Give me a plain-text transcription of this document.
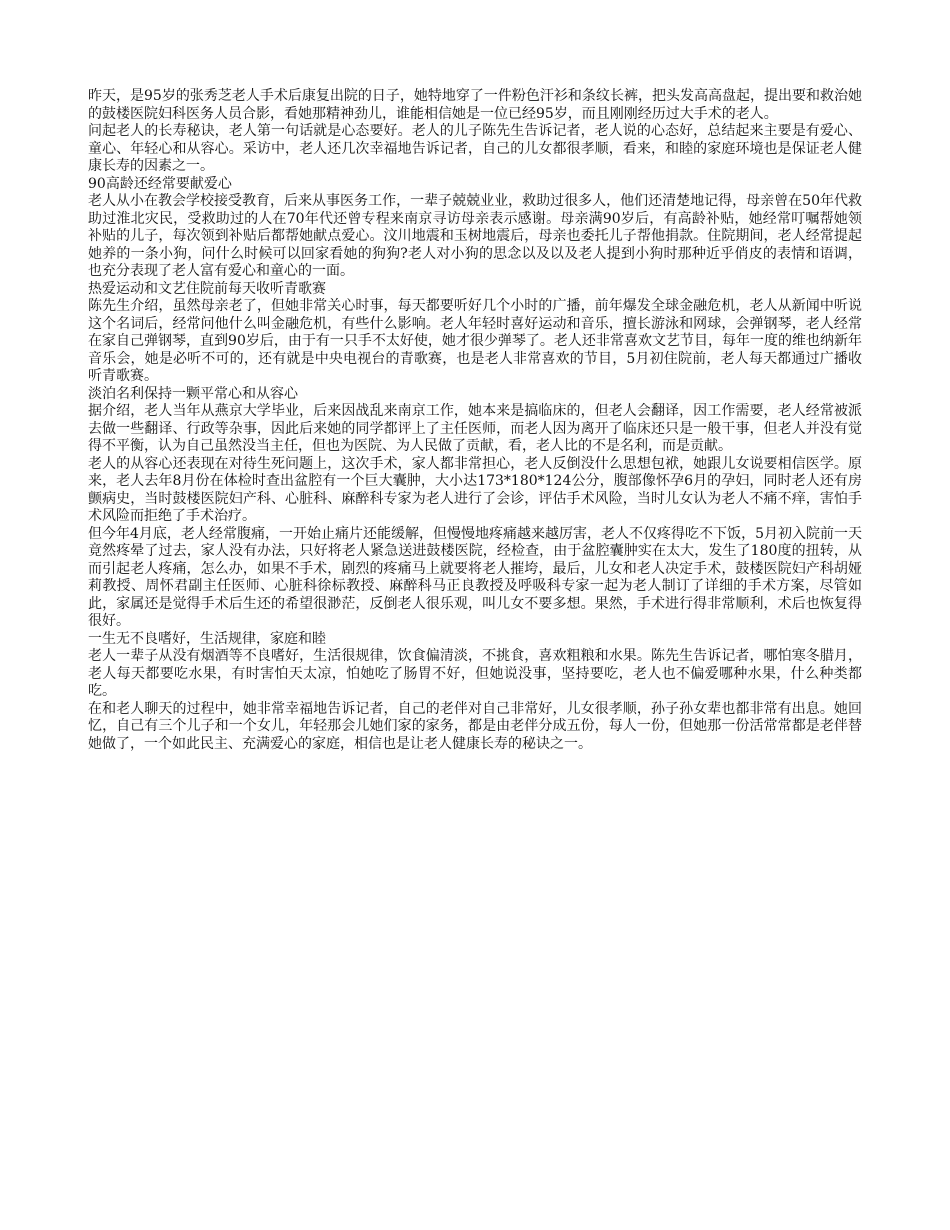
昨天，是95岁的张秀芝老人手术后康复出院的日子，她特地穿了一件粉色汗衫和条纹长裤，把头发高高盘起，提出要和救治她的鼓楼医院妇科医务人员合影，看她那精神劲儿，谁能相信她是一位已经95岁，而且刚刚经历过大手术的老人。

问起老人的长寿秘诀，老人第一句话就是心态要好。老人的儿子陈先生告诉记者，老人说的心态好，总结起来主要是有爱心、童心、年轻心和从容心。采访中，老人还几次幸福地告诉记者，自己的儿女都很孝顺，看来，和睦的家庭环境也是保证老人健康长寿的因素之一。

90高龄还经常要献爱心

老人从小在教会学校接受教育，后来从事医务工作，一辈子兢兢业业，救助过很多人，他们还清楚地记得，母亲曾在50年代救助过淮北灾民，受救助过的人在70年代还曾专程来南京寻访母亲表示感谢。母亲满90岁后，有高龄补贴，她经常叮嘱帮她领补贴的儿子，每次领到补贴后都帮她献点爱心。汶川地震和玉树地震后，母亲也委托儿子帮他捐款。住院期间，老人经常提起她养的一条小狗，问什么时候可以回家看她的狗狗?老人对小狗的思念以及以及老人提到小狗时那种近乎俏皮的表情和语调，也充分表现了老人富有爱心和童心的一面。

热爱运动和文艺住院前每天收听青歌赛

陈先生介绍，虽然母亲老了，但她非常关心时事，每天都要听好几个小时的广播，前年爆发全球金融危机，老人从新闻中听说这个名词后，经常问他什么叫金融危机，有些什么影响。老人年轻时喜好运动和音乐，擅长游泳和网球，会弹钢琴，老人经常在家自己弹钢琴，直到90岁后，由于有一只手不太好使，她才很少弹琴了。老人还非常喜欢文艺节目，每年一度的维也纳新年音乐会，她是必听不可的，还有就是中央电视台的青歌赛，也是老人非常喜欢的节目，5月初住院前，老人每天都通过广播收听青歌赛。

淡泊名利保持一颗平常心和从容心

据介绍，老人当年从燕京大学毕业，后来因战乱来南京工作，她本来是搞临床的，但老人会翻译，因工作需要，老人经常被派去做一些翻译、行政等杂事，因此后来她的同学都评上了主任医师，而老人因为离开了临床还只是一般干事，但老人并没有觉得不平衡，认为自己虽然没当主任，但也为医院、为人民做了贡献，看，老人比的不是名利，而是贡献。

老人的从容心还表现在对待生死问题上，这次手术，家人都非常担心，老人反倒没什么思想包袱，她跟儿女说要相信医学。原来，老人去年8月份在体检时查出盆腔有一个巨大囊肿，大小达173*180*124公分，腹部像怀孕6月的孕妇，同时老人还有房颤病史，当时鼓楼医院妇产科、心脏科、麻醉科专家为老人进行了会诊，评估手术风险，当时儿女认为老人不痛不痒，害怕手术风险而拒绝了手术治疗。

但今年4月底，老人经常腹痛，一开始止痛片还能缓解，但慢慢地疼痛越来越厉害，老人不仅疼得吃不下饭，5月初入院前一天竟然疼晕了过去，家人没有办法，只好将老人紧急送进鼓楼医院，经检查，由于盆腔囊肿实在太大，发生了180度的扭转，从而引起老人疼痛，怎么办，如果不手术，剧烈的疼痛马上就要将老人摧垮，最后，儿女和老人决定手术，鼓楼医院妇产科胡娅莉教授、周怀君副主任医师、心脏科徐标教授、麻醉科马正良教授及呼吸科专家一起为老人制订了详细的手术方案，尽管如此，家属还是觉得手术后生还的希望很渺茫，反倒老人很乐观，叫儿女不要多想。果然，手术进行得非常顺利，术后也恢复得很好。

一生无不良嗜好，生活规律，家庭和睦

老人一辈子从没有烟酒等不良嗜好，生活很规律，饮食偏清淡，不挑食，喜欢粗粮和水果。陈先生告诉记者，哪怕寒冬腊月，老人每天都要吃水果，有时害怕天太凉，怕她吃了肠胃不好，但她说没事，坚持要吃，老人也不偏爱哪种水果，什么种类都吃。

在和老人聊天的过程中，她非常幸福地告诉记者，自己的老伴对自己非常好，儿女很孝顺，孙子孙女辈也都非常有出息。她回忆，自己有三个儿子和一个女儿，年轻那会儿她们家的家务，都是由老伴分成五份，每人一份，但她那一份活常常都是老伴替她做了，一个如此民主、充满爱心的家庭，相信也是让老人健康长寿的秘诀之一。
